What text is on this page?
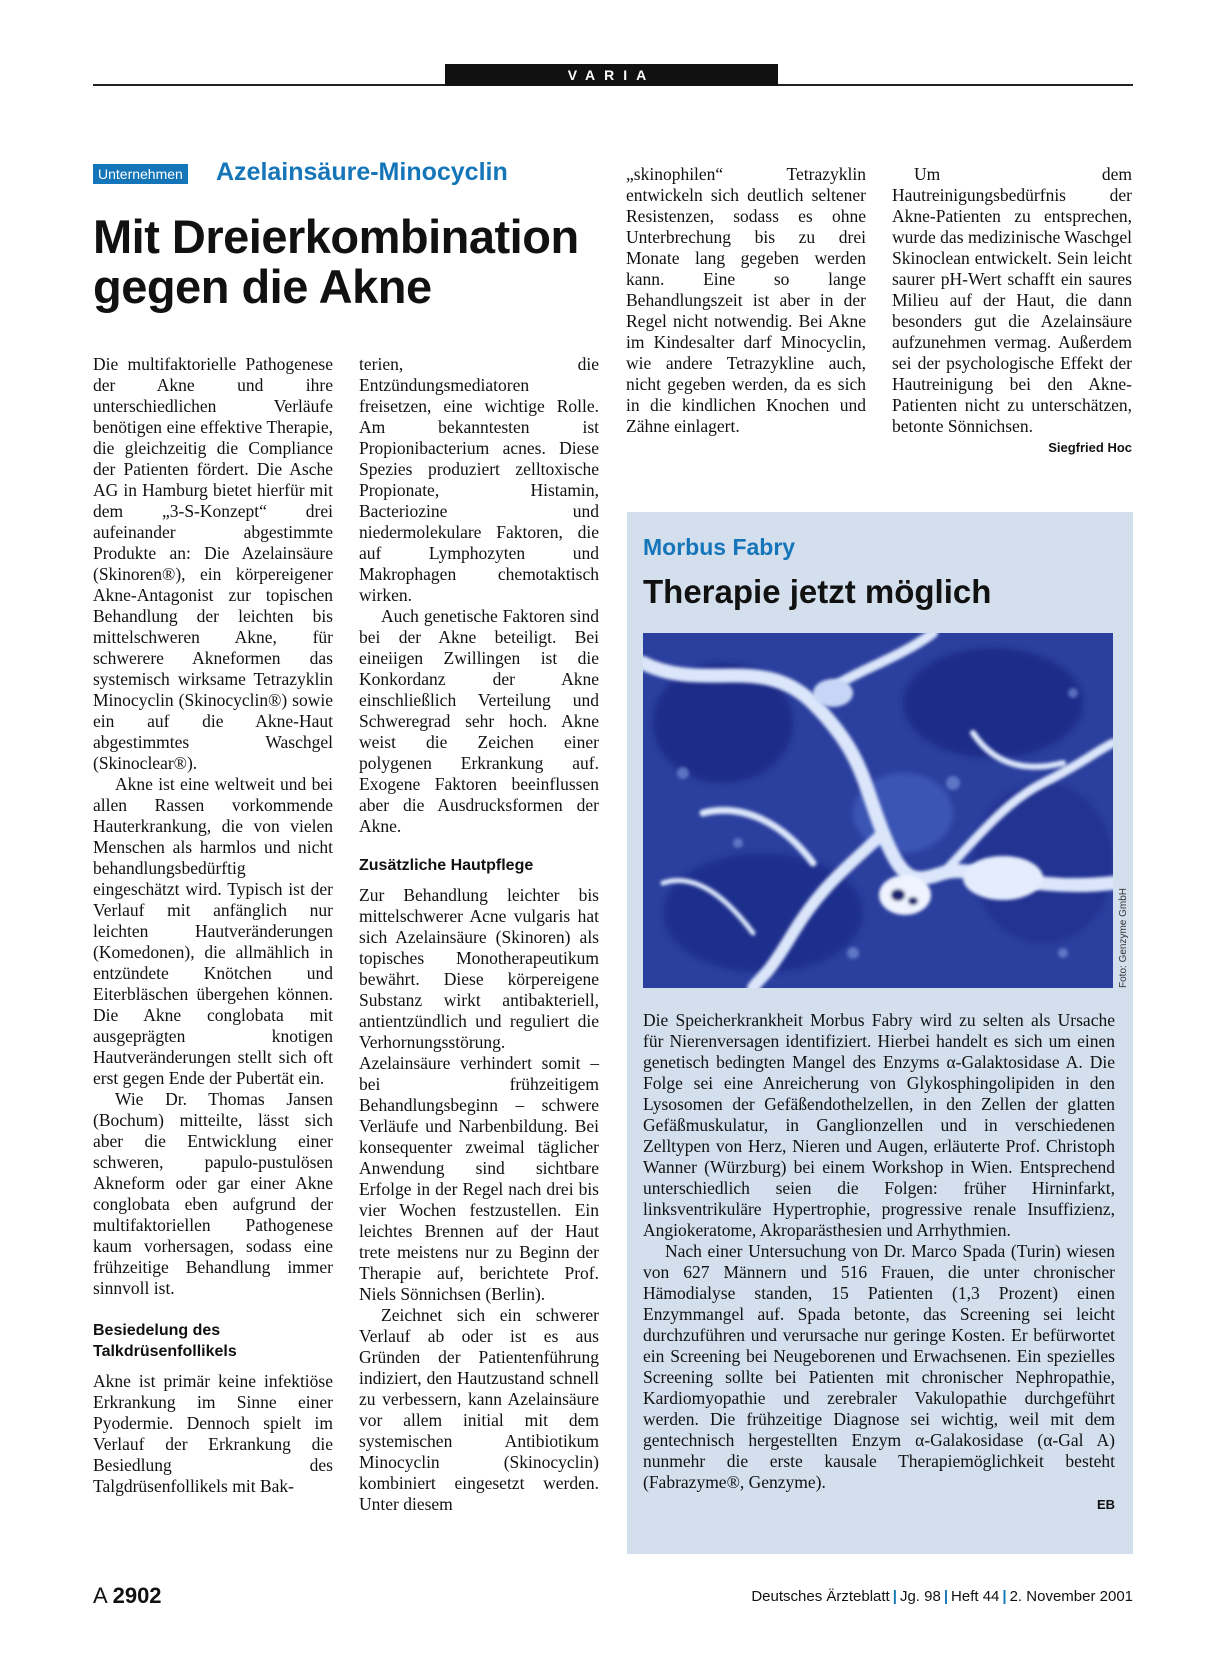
VARIA
Unternehmen Azelainsäure-Minocyclin
Mit Dreierkombination
gegen die Akne

Die multifaktorielle Pathogenese der Akne und ihre unterschiedlichen Verläufe benötigen eine effektive Therapie, die gleichzeitig die Compliance der Patienten fördert. Die Asche AG in Hamburg bietet hierfür mit dem „3-S-Konzept“ drei aufeinander abgestimmte Produkte an: Die Azelainsäure (Skinoren®), ein körpereigener Akne-Antagonist zur topischen Behandlung der leichten bis mittelschweren Akne, für schwerere Akneformen das systemisch wirksame Tetrazyklin Minocyclin (Skinocyclin®) sowie ein auf die Akne-Haut abgestimmtes Waschgel (Skinoclear®).

Akne ist eine weltweit und bei allen Rassen vorkommende Hauterkrankung, die von vielen Menschen als harmlos und nicht behandlungsbedürftig eingeschätzt wird. Typisch ist der Verlauf mit anfänglich nur leichten Hautveränderungen (Komedonen), die allmählich in entzündete Knötchen und Eiterbläschen übergehen können. Die Akne conglobata mit ausgeprägten knotigen Hautveränderungen stellt sich oft erst gegen Ende der Pubertät ein.

Wie Dr. Thomas Jansen (Bochum) mitteilte, lässt sich aber die Entwicklung einer schweren, papulo-pustulösen Akneform oder gar einer Akne conglobata eben aufgrund der multifaktoriellen Pathogenese kaum vorhersagen, sodass eine frühzeitige Behandlung immer sinnvoll ist.

Besiedelung des Talkdrüsenfollikels

Akne ist primär keine infektiöse Erkrankung im Sinne einer Pyodermie. Dennoch spielt im Verlauf der Erkrankung die Besiedlung des Talgdrüsenfollikels mit Bak-

terien, die Entzündungsmediatoren freisetzen, eine wichtige Rolle. Am bekanntesten ist Propionibacterium acnes. Diese Spezies produziert zelltoxische Propionate, Histamin, Bacteriozine und niedermolekulare Faktoren, die auf Lymphozyten und Makrophagen chemotaktisch wirken.

Auch genetische Faktoren sind bei der Akne beteiligt. Bei eineiigen Zwillingen ist die Konkordanz der Akne einschließlich Verteilung und Schweregrad sehr hoch. Akne weist die Zeichen einer polygenen Erkrankung auf. Exogene Faktoren beeinflussen aber die Ausdrucksformen der Akne.

Zusätzliche Hautpflege

Zur Behandlung leichter bis mittelschwerer Acne vulgaris hat sich Azelainsäure (Skinoren) als topisches Monotherapeutikum bewährt. Diese körpereigene Substanz wirkt antibakteriell, antientzündlich und reguliert die Verhornungsstörung. Azelainsäure verhindert somit – bei frühzeitigem Behandlungsbeginn – schwere Verläufe und Narbenbildung. Bei konsequenter zweimal täglicher Anwendung sind sichtbare Erfolge in der Regel nach drei bis vier Wochen festzustellen. Ein leichtes Brennen auf der Haut trete meistens nur zu Beginn der Therapie auf, berichtete Prof. Niels Sönnichsen (Berlin).

Zeichnet sich ein schwerer Verlauf ab oder ist es aus Gründen der Patientenführung indiziert, den Hautzustand schnell zu verbessern, kann Azelainsäure vor allem initial mit dem systemischen Antibiotikum Minocyclin (Skinocyclin) kombiniert eingesetzt werden. Unter diesem

„skinophilen“ Tetrazyklin entwickeln sich deutlich seltener Resistenzen, sodass es ohne Unterbrechung bis zu drei Monate lang gegeben werden kann. Eine so lange Behandlungszeit ist aber in der Regel nicht notwendig. Bei Akne im Kindesalter darf Minocyclin, wie andere Tetrazykline auch, nicht gegeben werden, da es sich in die kindlichen Knochen und Zähne einlagert.

Um dem Hautreinigungsbedürfnis der Akne-Patienten zu entsprechen, wurde das medizinische Waschgel Skinoclean entwickelt. Sein leicht saurer pH-Wert schafft ein saures Milieu auf der Haut, die dann besonders gut die Azelainsäure aufzunehmen vermag. Außerdem sei der psychologische Effekt der Hautreinigung bei den Akne-Patienten nicht zu unterschätzen, betonte Sönnichsen.
Siegfried Hoc

Morbus Fabry
Therapie jetzt möglich
Foto: Genzyme GmbH

Die Speicherkrankheit Morbus Fabry wird zu selten als Ursache für Nierenversagen identifiziert. Hierbei handelt es sich um einen genetisch bedingten Mangel des Enzyms α-Galaktosidase A. Die Folge sei eine Anreicherung von Glykosphingolipiden in den Lysosomen der Gefäßendothelzellen, in den Zellen der glatten Gefäßmuskulatur, in Ganglionzellen und in verschiedenen Zelltypen von Herz, Nieren und Augen, erläuterte Prof. Christoph Wanner (Würzburg) bei einem Workshop in Wien. Entsprechend unterschiedlich seien die Folgen: früher Hirninfarkt, linksventrikuläre Hypertrophie, progressive renale Insuffizienz, Angiokeratome, Akroparästhesien und Arrhythmien.

Nach einer Untersuchung von Dr. Marco Spada (Turin) wiesen von 627 Männern und 516 Frauen, die unter chronischer Hämodialyse standen, 15 Patienten (1,3 Prozent) einen Enzymmangel auf. Spada betonte, das Screening sei leicht durchzuführen und verursache nur geringe Kosten. Er befürwortet ein Screening bei Neugeborenen und Erwachsenen. Ein spezielles Screening sollte bei Patienten mit chronischer Nephropathie, Kardiomyopathie und zerebraler Vakulopathie durchgeführt werden. Die frühzeitige Diagnose sei wichtig, weil mit dem gentechnisch hergestellten Enzym α-Galakosidase (α-Gal A) nunmehr die erste kausale Therapiemöglichkeit besteht (Fabrazyme®, Genzyme).

EB

A 2902	Deutsches Ärzteblatt | Jg. 98 | Heft 44 | 2. November 2001
